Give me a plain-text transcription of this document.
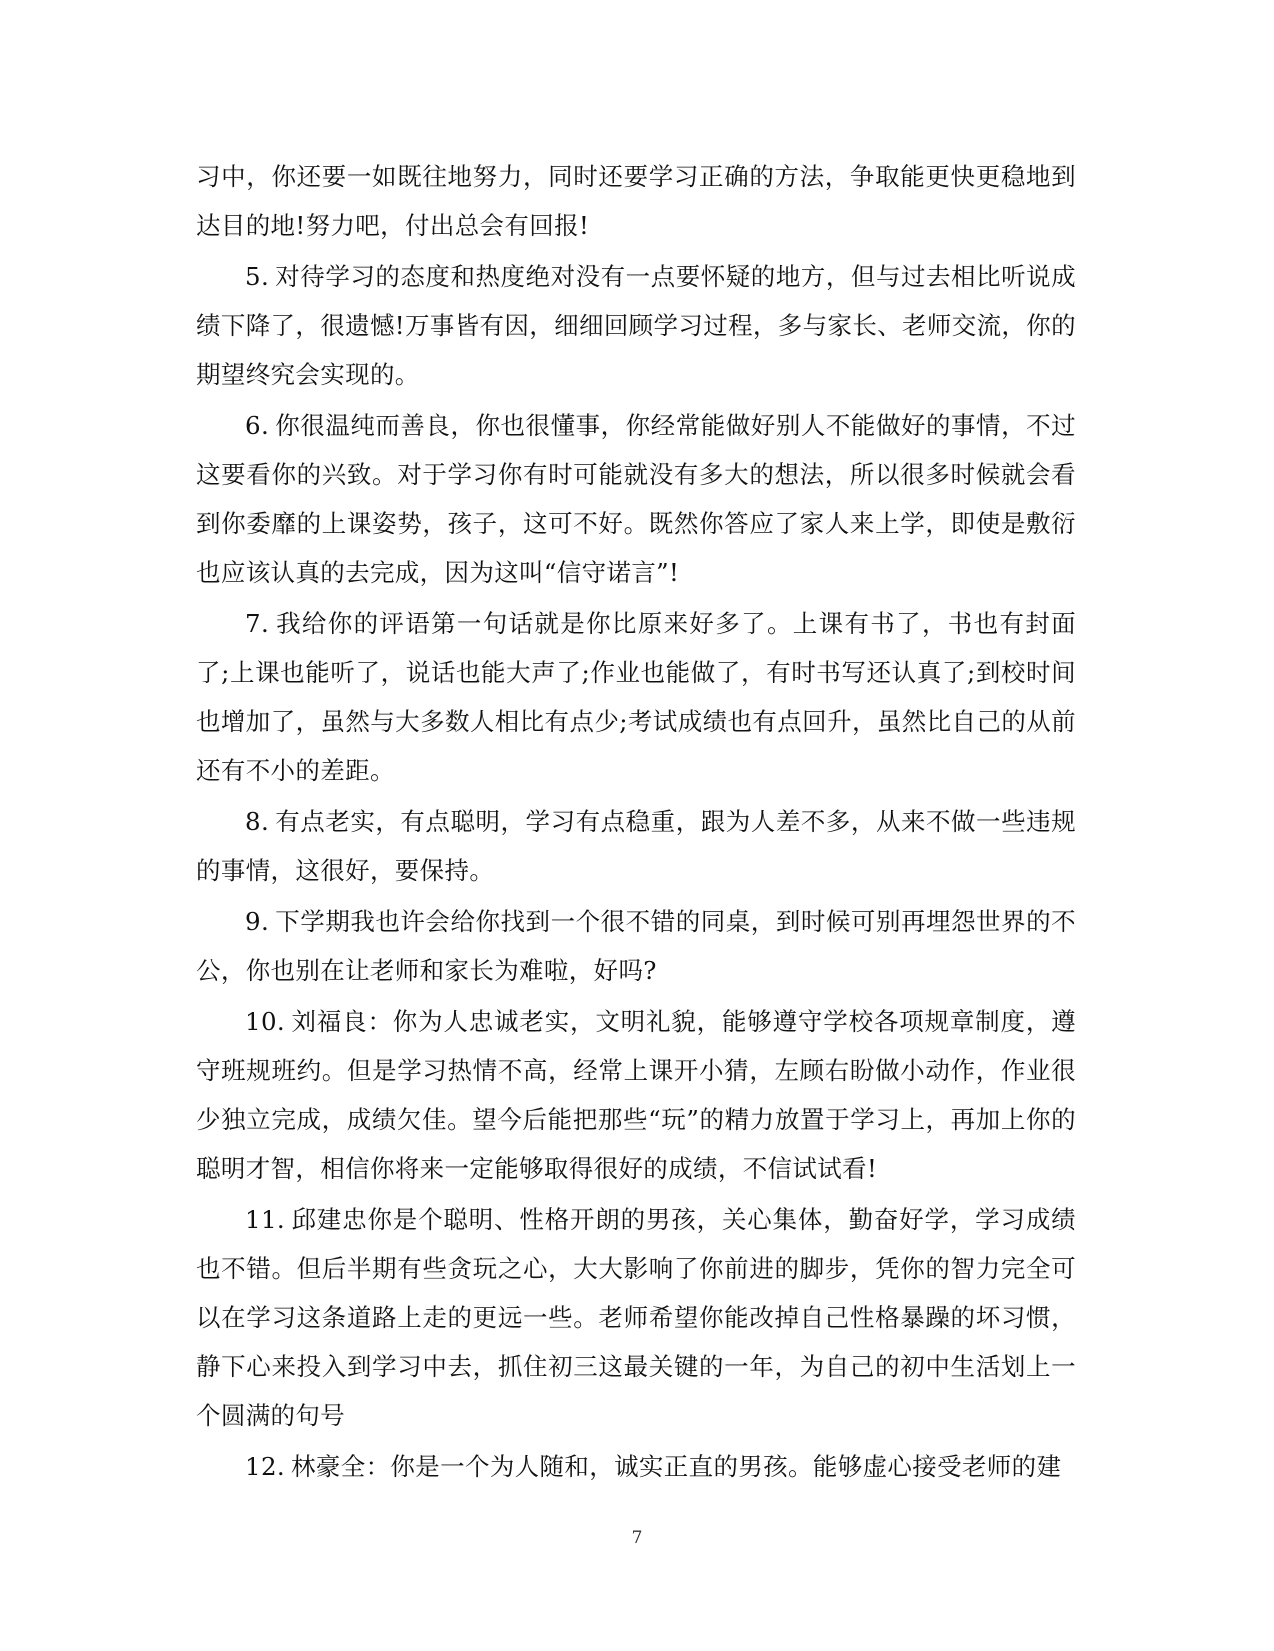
习中，你还要一如既往地努力，同时还要学习正确的方法，争取能更快更稳地到达目的地!努力吧，付出总会有回报!

5. 对待学习的态度和热度绝对没有一点要怀疑的地方，但与过去相比听说成绩下降了，很遗憾!万事皆有因，细细回顾学习过程，多与家长、老师交流，你的期望终究会实现的。

6. 你很温纯而善良，你也很懂事，你经常能做好别人不能做好的事情，不过这要看你的兴致。对于学习你有时可能就没有多大的想法，所以很多时候就会看到你委靡的上课姿势，孩子，这可不好。既然你答应了家人来上学，即使是敷衍也应该认真的去完成，因为这叫“信守诺言”!

7. 我给你的评语第一句话就是你比原来好多了。上课有书了，书也有封面了;上课也能听了，说话也能大声了;作业也能做了，有时书写还认真了;到校时间也增加了，虽然与大多数人相比有点少;考试成绩也有点回升，虽然比自己的从前还有不小的差距。

8. 有点老实，有点聪明，学习有点稳重，跟为人差不多，从来不做一些违规的事情，这很好，要保持。

9. 下学期我也许会给你找到一个很不错的同桌，到时候可别再埋怨世界的不公，你也别在让老师和家长为难啦，好吗?

10. 刘福良：你为人忠诚老实，文明礼貌，能够遵守学校各项规章制度，遵守班规班约。但是学习热情不高，经常上课开小猜，左顾右盼做小动作，作业很少独立完成，成绩欠佳。望今后能把那些“玩”的精力放置于学习上，再加上你的聪明才智，相信你将来一定能够取得很好的成绩，不信试试看!

11. 邱建忠你是个聪明、性格开朗的男孩，关心集体，勤奋好学，学习成绩也不错。但后半期有些贪玩之心，大大影响了你前进的脚步，凭你的智力完全可以在学习这条道路上走的更远一些。老师希望你能改掉自己性格暴躁的坏习惯，静下心来投入到学习中去，抓住初三这最关键的一年，为自己的初中生活划上一个圆满的句号

12. 林豪全：你是一个为人随和，诚实正直的男孩。能够虚心接受老师的建

7
